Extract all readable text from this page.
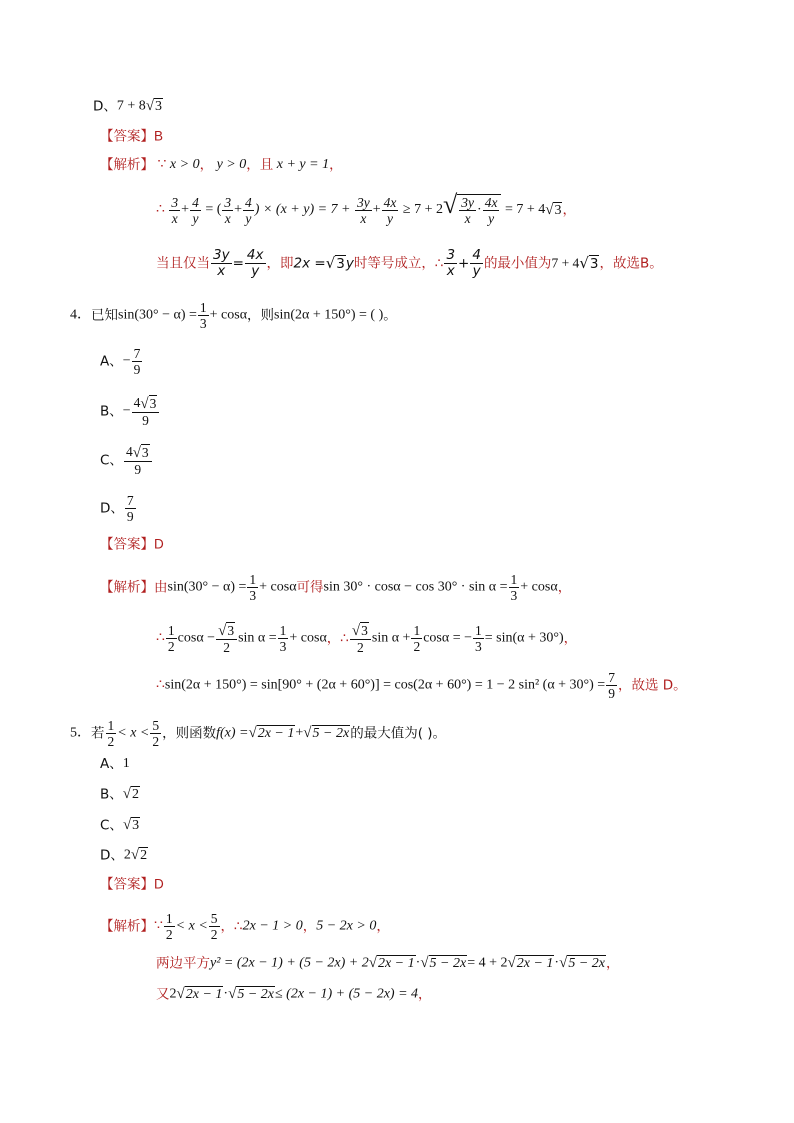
D、7 + 8√3
【答案】B
【解析】 ∵ x > 0， y > 0，且 x + y = 1，
∴ $\frac{3}{x} + \frac{4}{y}$ = ( $\frac{3}{x} + \frac{4}{y}$ ) × $(x + y) = 7 + \frac{3y}{x} + \frac{4x}{y} \ge 7 + 2√ \frac{3y}{x} \cdot \frac{4x}{y} = 7 + 4√3$，
当且仅当 $\frac{3y}{x} = \frac{4x}{y}$ ，即2x =√3y时等号成立，∴ $\frac{3}{x} + \frac{4}{y}$ 的最小值为7 + 4√3，故选B。
4．已知$\sin(30^\circ - \alpha) = \frac{1}{3} + \cos\alpha$，则sin(2α + 150°) = ( )。
A、− $\frac{7}{9}$
B、− $\frac{4√3}{9}$
C、 $\frac{4√3}{9}$
D、 $\frac{7}{9}$
【答案】D
【解析】由$\sin(30^\circ - \alpha) = \frac{1}{3} + \cos\alpha$可得$\sin 30^\circ \cdot \cos\alpha - \cos 30^\circ \cdot \sin \alpha = \frac{1}{3} + \cos\alpha$，
∴ $\frac{1}{2}$ $\cos\alpha - \frac{√3}{2}$ $\sin \alpha = \frac{1}{3} + \cos\alpha$，∴ $\frac{√3}{2}$ $\sin \alpha + \frac{1}{2}$ cosα = − $\frac{1}{3} = \sin(\alpha + 30^\circ)$，
∴sin(2α + 150°) = sin[90° + (2α + 60°)] = cos(2α + 60°) = 1 − 2 sin² $(\alpha + 30^\circ) = \frac{7}{9}$ ，故选 D。
5．若 $\frac{1}{2} < x < \frac{5}{2}$ ，则函数f(x) =√2x − 1+√5 − 2x的最大值为( )。
A、1
B、√2
C、√3
D、2√2
【答案】D
【解析】∵ $\frac{1}{2} < x < \frac{5}{2}$ ，∴2x − 1 > 0，5 − 2x > 0，
两边平方y² = (2x − 1) + (5 − 2x) + 2√2x − 1·√5 − 2x= 4 + 2√2x − 1·√5 − 2x，
又2√2x − 1·√5 − 2x≤ (2x − 1) + (5 − 2x) = 4，
